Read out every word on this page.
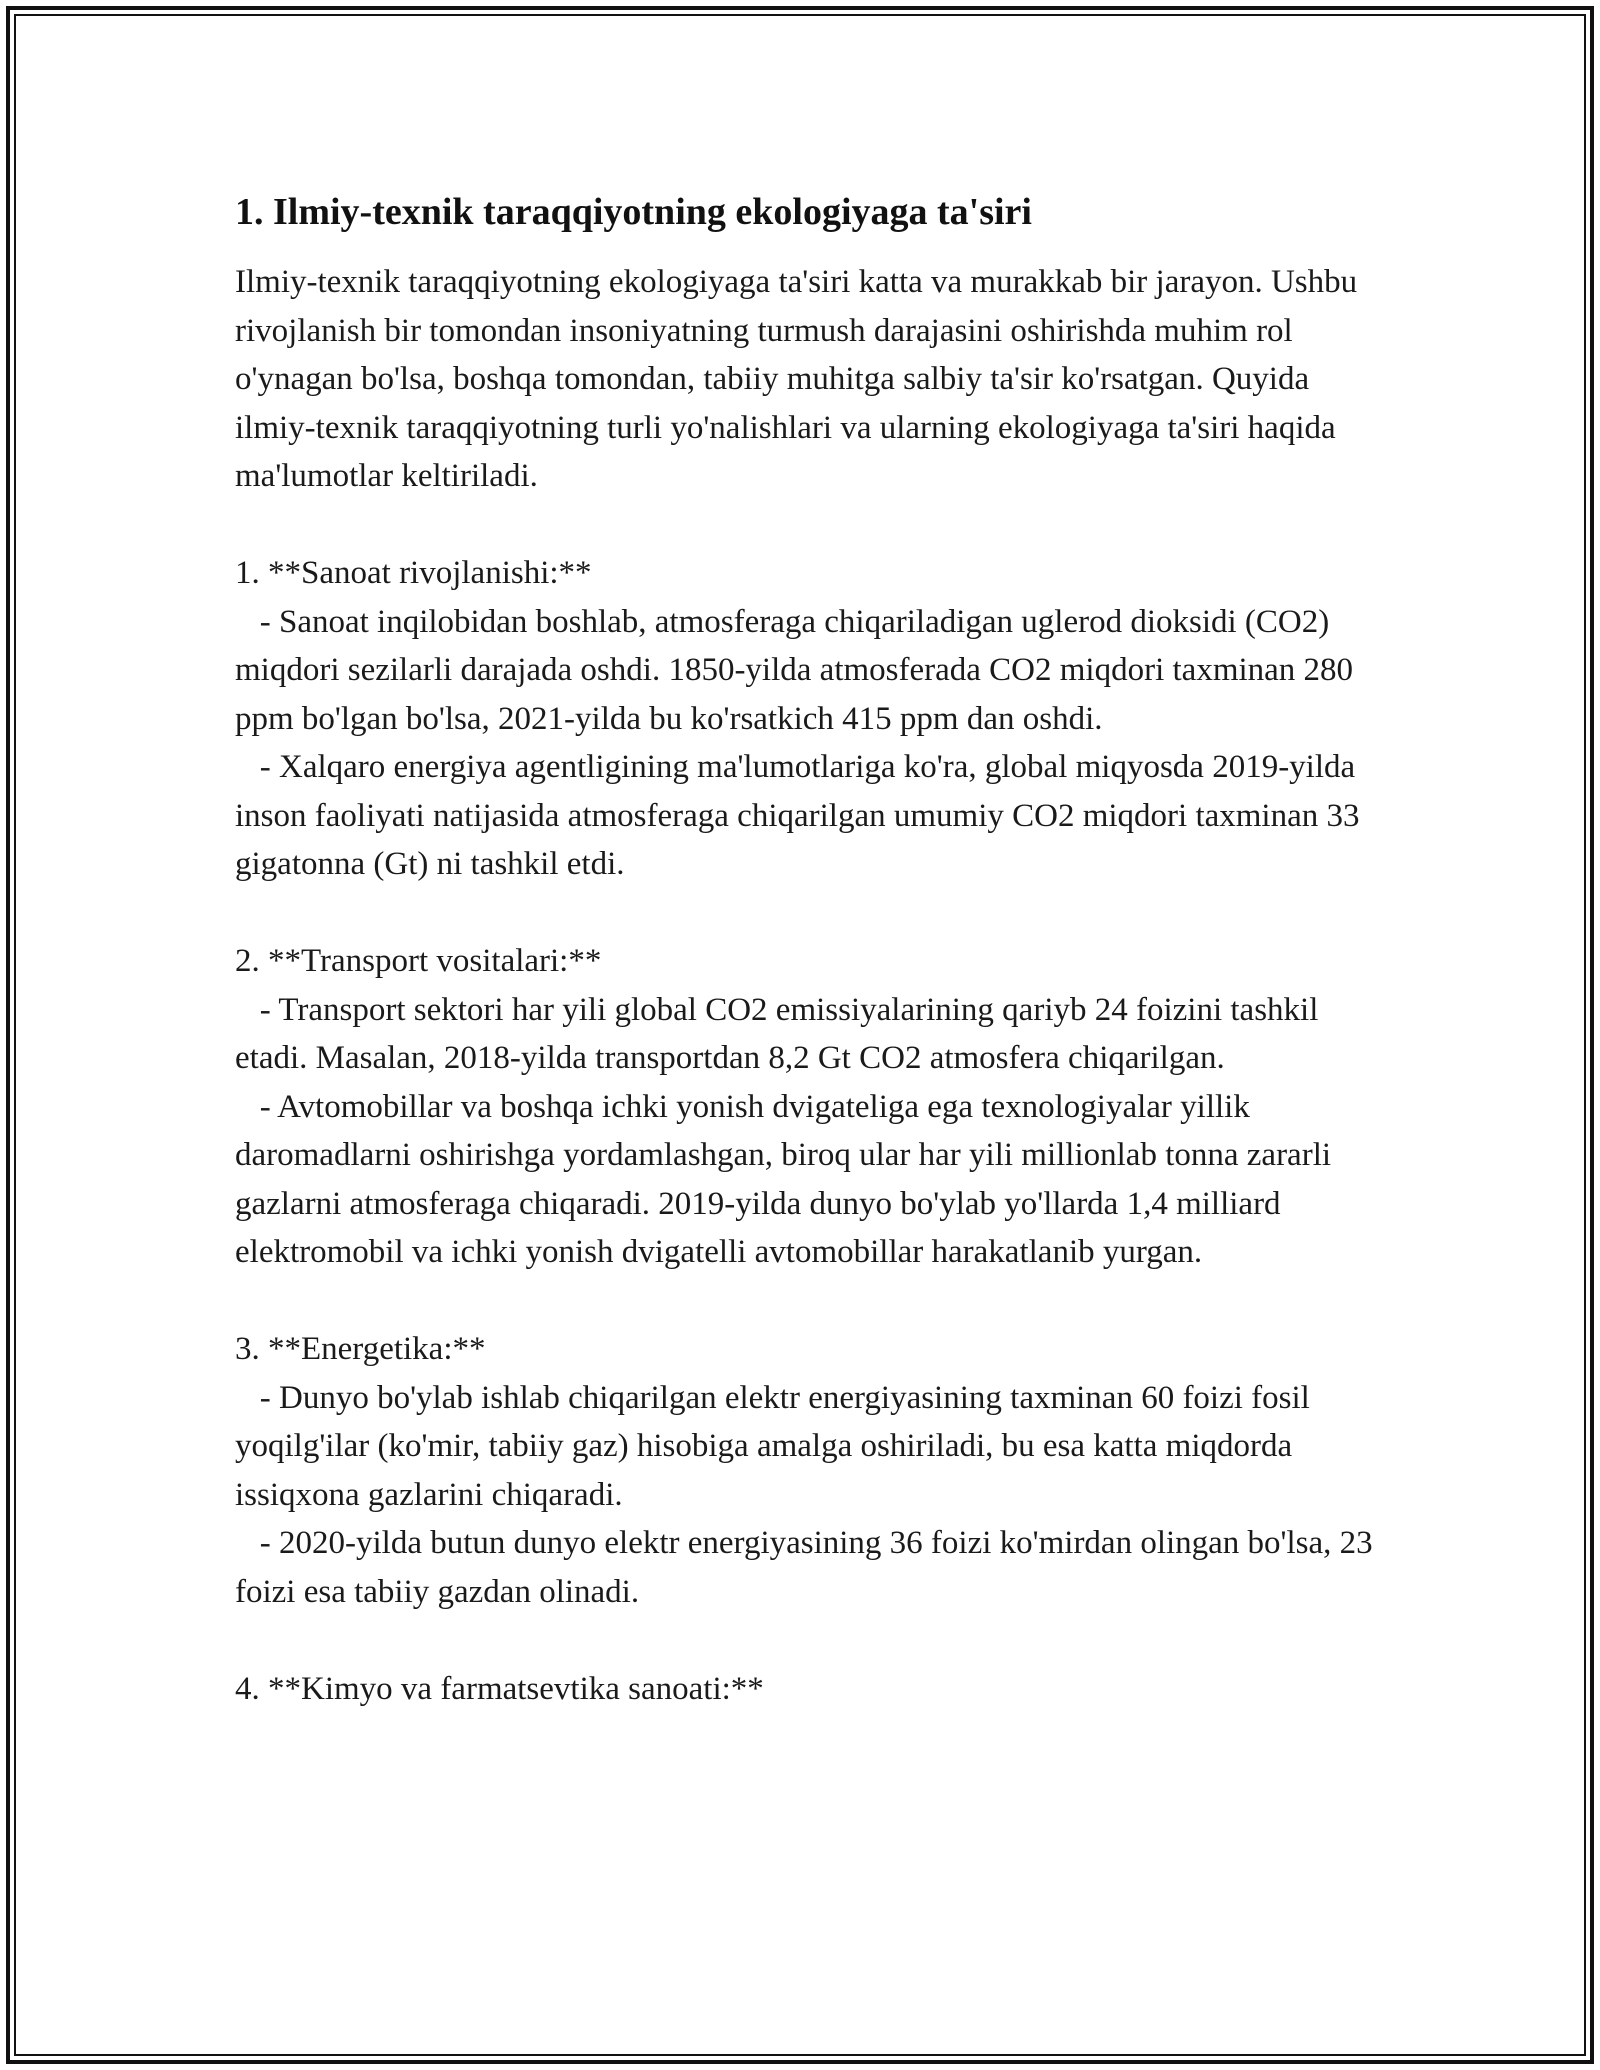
1. Ilmiy-texnik taraqqiyotning ekologiyaga ta'siri

Ilmiy-texnik taraqqiyotning ekologiyaga ta'siri katta va murakkab bir jarayon. Ushbu rivojlanish bir tomondan insoniyatning turmush darajasini oshirishda muhim rol o'ynagan bo'lsa, boshqa tomondan, tabiiy muhitga salbiy ta'sir ko'rsatgan. Quyida ilmiy-texnik taraqqiyotning turli yo'nalishlari va ularning ekologiyaga ta'siri haqida ma'lumotlar keltiriladi.

1. **Sanoat rivojlanishi:**

- Sanoat inqilobidan boshlab, atmosferaga chiqariladigan uglerod dioksidi (CO2) miqdori sezilarli darajada oshdi. 1850-yilda atmosferada CO2 miqdori taxminan 280 ppm bo'lgan bo'lsa, 2021-yilda bu ko'rsatkich 415 ppm dan oshdi.

- Xalqaro energiya agentligining ma'lumotlariga ko'ra, global miqyosda 2019-yilda inson faoliyati natijasida atmosferaga chiqarilgan umumiy CO2 miqdori taxminan 33 gigatonna (Gt) ni tashkil etdi.

2. **Transport vositalari:**

- Transport sektori har yili global CO2 emissiyalarining qariyb 24 foizini tashkil etadi. Masalan, 2018-yilda transportdan 8,2 Gt CO2 atmosfera chiqarilgan.

- Avtomobillar va boshqa ichki yonish dvigateliga ega texnologiyalar yillik daromadlarni oshirishga yordamlashgan, biroq ular har yili millionlab tonna zararli gazlarni atmosferaga chiqaradi. 2019-yilda dunyo bo'ylab yo'llarda 1,4 milliard elektromobil va ichki yonish dvigatelli avtomobillar harakatlanib yurgan.

3. **Energetika:**

- Dunyo bo'ylab ishlab chiqarilgan elektr energiyasining taxminan 60 foizi fosil yoqilg'ilar (ko'mir, tabiiy gaz) hisobiga amalga oshiriladi, bu esa katta miqdorda issiqxona gazlarini chiqaradi.

- 2020-yilda butun dunyo elektr energiyasining 36 foizi ko'mirdan olingan bo'lsa, 23 foizi esa tabiiy gazdan olinadi.

4. **Kimyo va farmatsevtika sanoati:**
